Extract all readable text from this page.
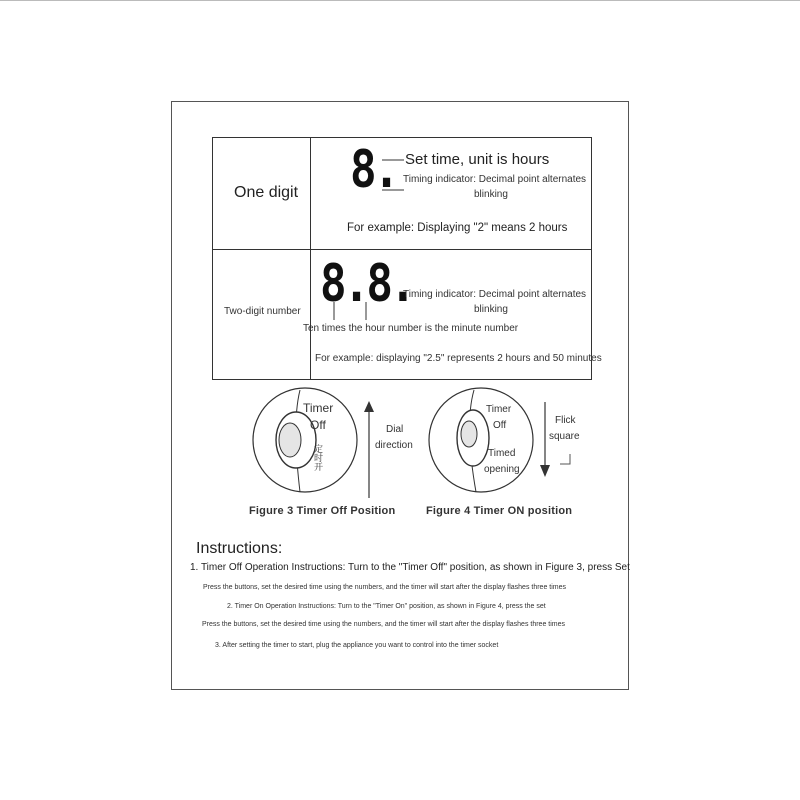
One digit 8. Set time, unit is hours
Timing indicator: Decimal point alternates
blinking
For example: Displaying "2" means 2 hours
Two-digit number 8.8.
Timing indicator: Decimal point alternates
blinking
Ten times the hour number is the minute number
For example: displaying "2.5" represents 2 hours and 50 minutes
Timer
Off
定时开
Dial
direction
Figure 3 Timer Off Position
Timer
Off
Timed
opening
Flick
square
Figure 4 Timer ON position
Instructions:
1. Timer Off Operation Instructions: Turn to the "Timer Off" position, as shown in Figure 3, press Set
Press the buttons, set the desired time using the numbers, and the timer will start after the display flashes three times
2. Timer On Operation Instructions: Turn to the "Timer On" position, as shown in Figure 4, press the set
Press the buttons, set the desired time using the numbers, and the timer will start after the display flashes three times
3. After setting the timer to start, plug the appliance you want to control into the timer socket
